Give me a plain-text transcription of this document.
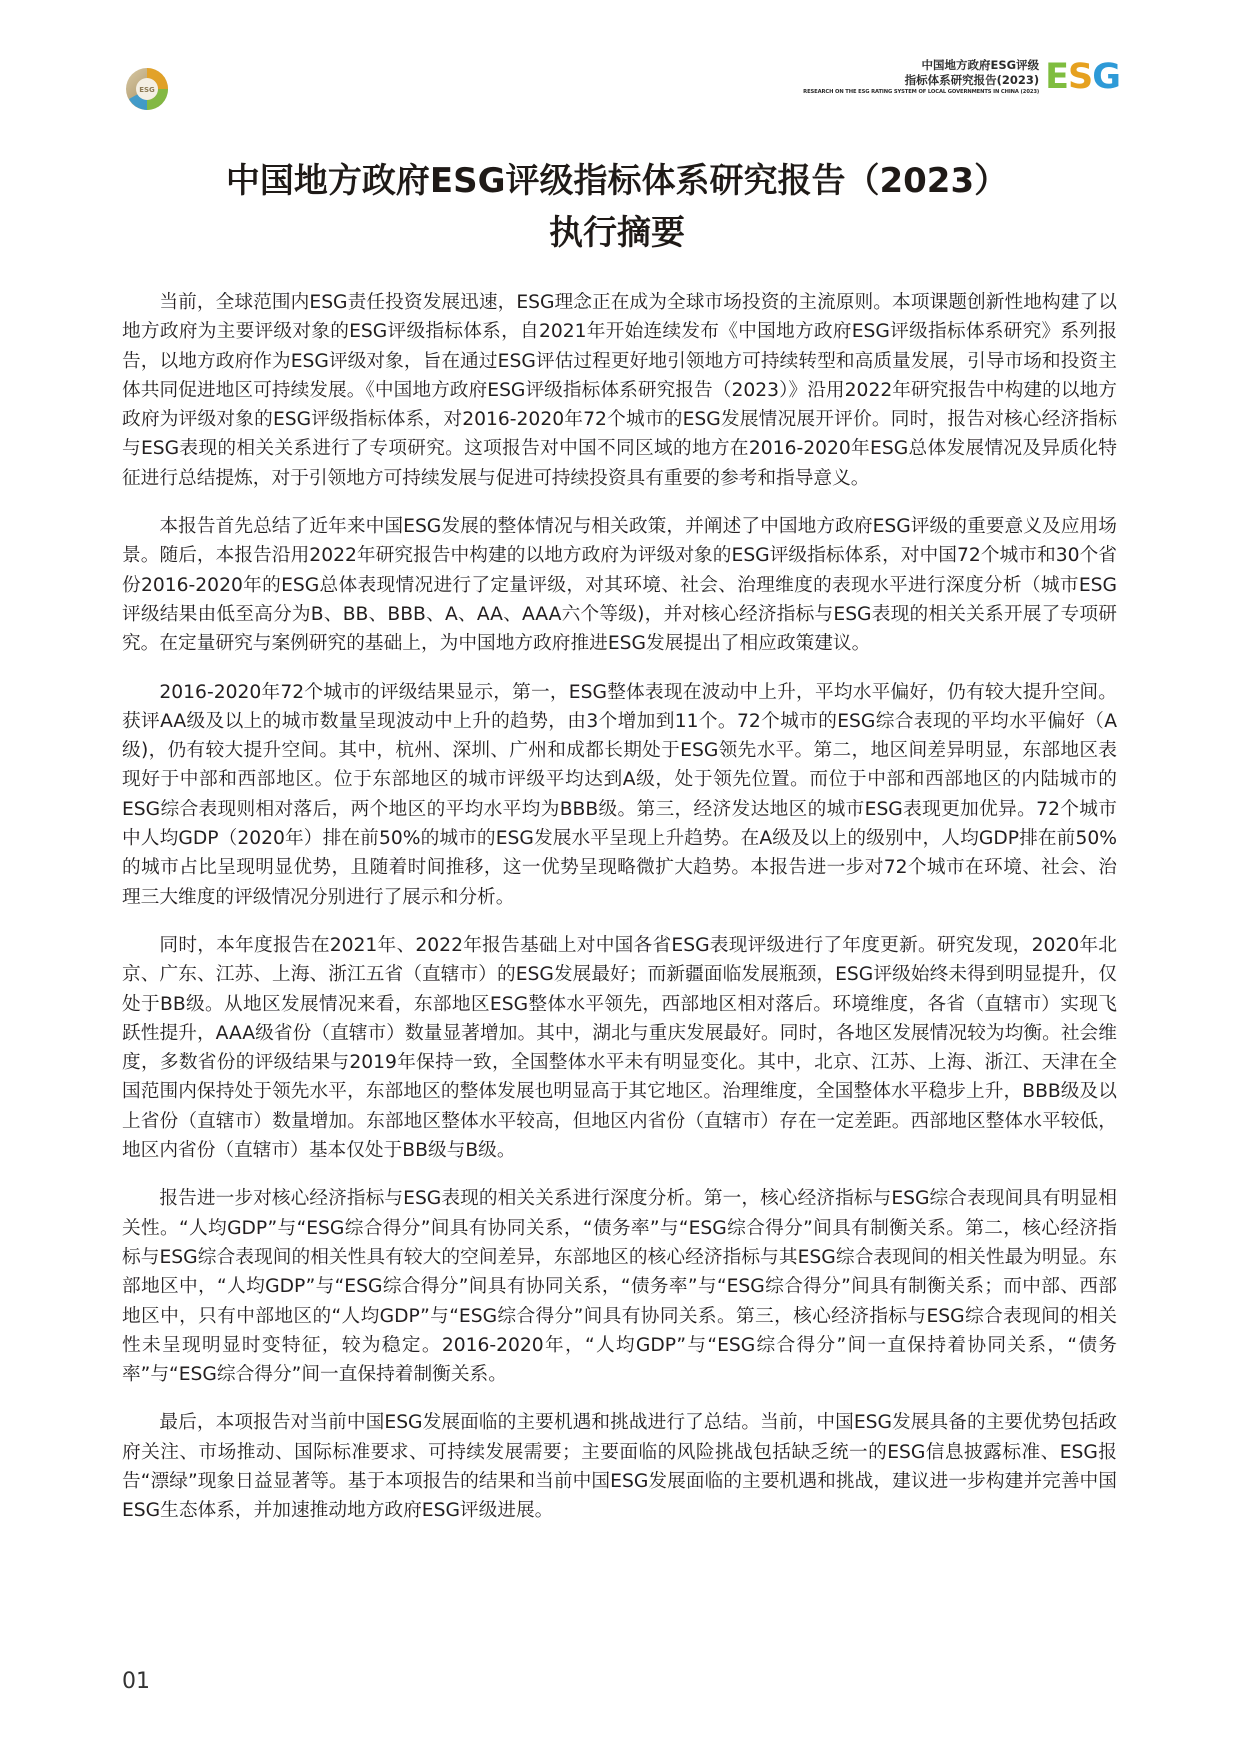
ESG
中国地方政府ESG评级
指标体系研究报告(2023)
RESEARCH ON THE ESG RATING SYSTEM OF LOCAL GOVERNMENTS IN CHINA (2023) E S G
中国地方政府ESG评级指标体系研究报告（2023）
执行摘要

当前，全球范围内ESG责任投资发展迅速，ESG理念正在成为全球市场投资的主流原则。本项课题创新性地构建了以地方政府为主要评级对象的ESG评级指标体系，自2021年开始连续发布《中国地方政府ESG评级指标体系研究》系列报告，以地方政府作为ESG评级对象，旨在通过ESG评估过程更好地引领地方可持续转型和高质量发展，引导市场和投资主体共同促进地区可持续发展。《中国地方政府ESG评级指标体系研究报告（2023）》沿用2022年研究报告中构建的以地方政府为评级对象的ESG评级指标体系，对2016-2020年72个城市的ESG发展情况展开评价。同时，报告对核心经济指标与ESG表现的相关关系进行了专项研究。这项报告对中国不同区域的地方在2016-2020年ESG总体发展情况及异质化特征进行总结提炼，对于引领地方可持续发展与促进可持续投资具有重要的参考和指导意义。

本报告首先总结了近年来中国ESG发展的整体情况与相关政策，并阐述了中国地方政府ESG评级的重要意义及应用场景。随后，本报告沿用2022年研究报告中构建的以地方政府为评级对象的ESG评级指标体系，对中国72个城市和30个省份2016-2020年的ESG总体表现情况进行了定量评级，对其环境、社会、治理维度的表现水平进行深度分析（城市ESG评级结果由低至高分为B、BB、BBB、A、AA、AAA六个等级)，并对核心经济指标与ESG表现的相关关系开展了专项研究。在定量研究与案例研究的基础上，为中国地方政府推进ESG发展提出了相应政策建议。

2016-2020年72个城市的评级结果显示，第一，ESG整体表现在波动中上升，平均水平偏好，仍有较大提升空间。获评AA级及以上的城市数量呈现波动中上升的趋势，由3个增加到11个。72个城市的ESG综合表现的平均水平偏好（A级)，仍有较大提升空间。其中，杭州、深圳、广州和成都长期处于ESG领先水平。第二，地区间差异明显，东部地区表现好于中部和西部地区。位于东部地区的城市评级平均达到A级，处于领先位置。而位于中部和西部地区的内陆城市的ESG综合表现则相对落后，两个地区的平均水平均为BBB级。第三，经济发达地区的城市ESG表现更加优异。72个城市中人均GDP（2020年）排在前50%的城市的ESG发展水平呈现上升趋势。在A级及以上的级别中，人均GDP排在前50%的城市占比呈现明显优势，且随着时间推移，这一优势呈现略微扩大趋势。本报告进一步对72个城市在环境、社会、治理三大维度的评级情况分别进行了展示和分析。

同时，本年度报告在2021年、2022年报告基础上对中国各省ESG表现评级进行了年度更新。研究发现，2020年北京、广东、江苏、上海、浙江五省（直辖市）的ESG发展最好；而新疆面临发展瓶颈，ESG评级始终未得到明显提升，仅处于BB级。从地区发展情况来看，东部地区ESG整体水平领先，西部地区相对落后。环境维度，各省（直辖市）实现飞跃性提升，AAA级省份（直辖市）数量显著增加。其中，湖北与重庆发展最好。同时，各地区发展情况较为均衡。社会维度，多数省份的评级结果与2019年保持一致，全国整体水平未有明显变化。其中，北京、江苏、上海、浙江、天津在全国范围内保持处于领先水平，东部地区的整体发展也明显高于其它地区。治理维度，全国整体水平稳步上升，BBB级及以上省份（直辖市）数量增加。东部地区整体水平较高，但地区内省份（直辖市）存在一定差距。西部地区整体水平较低，地区内省份（直辖市）基本仅处于BB级与B级。

报告进一步对核心经济指标与ESG表现的相关关系进行深度分析。第一，核心经济指标与ESG综合表现间具有明显相关性。“人均GDP”与“ESG综合得分”间具有协同关系，“债务率”与“ESG综合得分”间具有制衡关系。第二，核心经济指标与ESG综合表现间的相关性具有较大的空间差异，东部地区的核心经济指标与其ESG综合表现间的相关性最为明显。东部地区中，“人均GDP”与“ESG综合得分”间具有协同关系，“债务率”与“ESG综合得分”间具有制衡关系；而中部、西部地区中，只有中部地区的“人均GDP”与“ESG综合得分”间具有协同关系。第三，核心经济指标与ESG综合表现间的相关性未呈现明显时变特征，较为稳定。2016-2020年，“人均GDP”与“ESG综合得分”间一直保持着协同关系，“债务率”与“ESG综合得分”间一直保持着制衡关系。

最后，本项报告对当前中国ESG发展面临的主要机遇和挑战进行了总结。当前，中国ESG发展具备的主要优势包括政府关注、市场推动、国际标准要求、可持续发展需要；主要面临的风险挑战包括缺乏统一的ESG信息披露标准、ESG报告“漂绿”现象日益显著等。基于本项报告的结果和当前中国ESG发展面临的主要机遇和挑战，建议进一步构建并完善中国ESG生态体系，并加速推动地方政府ESG评级进展。

01
